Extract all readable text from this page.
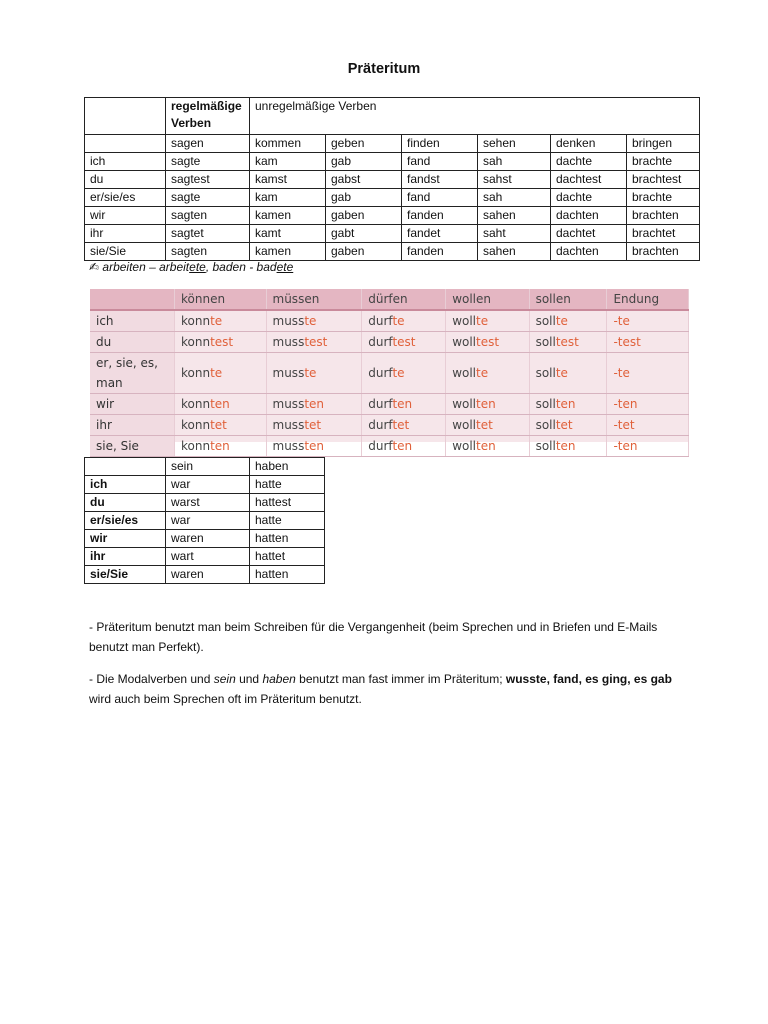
Präteritum
	regelmäßige Verben	unregelmäßige Verben					
	sagen	kommen	geben	finden	sehen	denken	bringen
ich	sagte	kam	gab	fand	sah	dachte	brachte
du	sagtest	kamst	gabst	fandst	sahst	dachtest	brachtest
er/sie/es	sagte	kam	gab	fand	sah	dachte	brachte
wir	sagten	kamen	gaben	fanden	sahen	dachten	brachten
ihr	sagtet	kamt	gabt	fandet	saht	dachtet	brachtet
sie/Sie	sagten	kamen	gaben	fanden	sahen	dachten	brachten
✍ arbeiten – arbeitete, baden - badete
	können	müssen	dürfen	wollen	sollen	Endung
ich	konnte	musste	durfte	wollte	sollte	-te
du	konntest	musstest	durftest	wolltest	solltest	-test
er, sie, es, man	konnte	musste	durfte	wollte	sollte	-te
wir	konnten	mussten	durften	wollten	sollten	-ten
ihr	konntet	musstet	durftet	wolltet	solltet	-tet
sie, Sie	konnten	mussten	durften	wollten	sollten	-ten
	sein	haben
ich	war	hatte
du	warst	hattest
er/sie/es	war	hatte
wir	waren	hatten
ihr	wart	hattet
sie/Sie	waren	hatten
- Präteritum benutzt man beim Schreiben für die Vergangenheit (beim Sprechen und in Briefen und E-Mails benutzt man Perfekt).
- Die Modalverben und sein und haben benutzt man fast immer im Präteritum; wusste, fand, es ging, es gab wird auch beim Sprechen oft im Präteritum benutzt.
